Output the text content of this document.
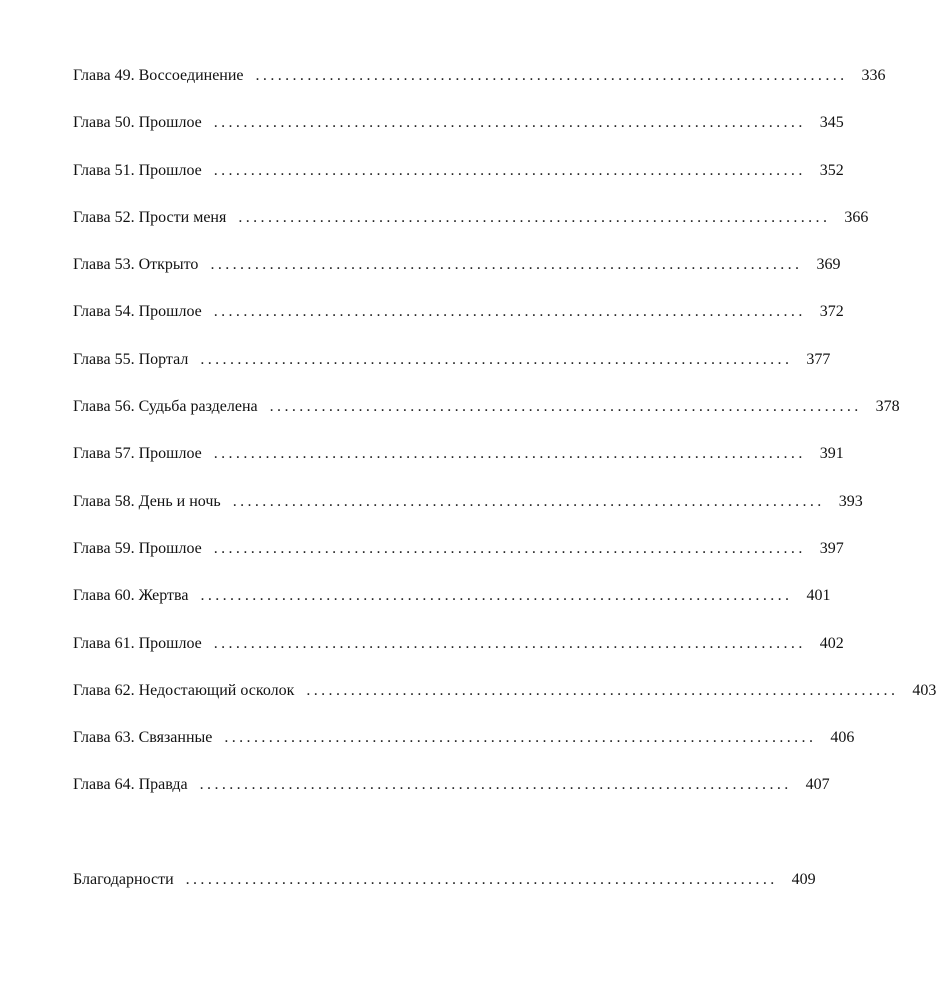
Глава 49. Воссоединение ................................................................................ 336
Глава 50. Прошлое ................................................................................ 345
Глава 51. Прошлое ................................................................................ 352
Глава 52. Прости меня ................................................................................ 366
Глава 53. Открыто ................................................................................ 369
Глава 54. Прошлое ................................................................................ 372
Глава 55. Портал ................................................................................ 377
Глава 56. Судьба разделена ................................................................................ 378
Глава 57. Прошлое ................................................................................ 391
Глава 58. День и ночь ................................................................................ 393
Глава 59. Прошлое ................................................................................ 397
Глава 60. Жертва ................................................................................ 401
Глава 61. Прошлое ................................................................................ 402
Глава 62. Недостающий осколок ................................................................................ 403
Глава 63. Связанные ................................................................................ 406
Глава 64. Правда ................................................................................ 407
Благодарности ................................................................................ 409
